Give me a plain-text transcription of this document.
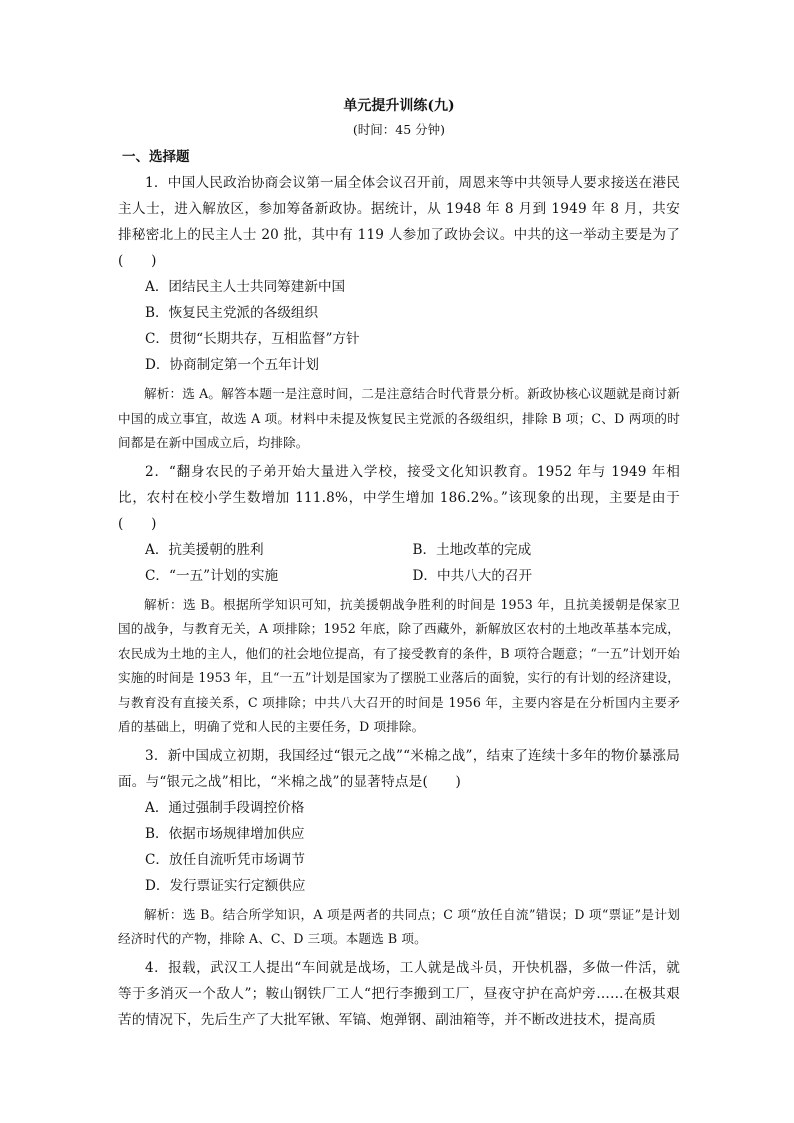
单元提升训练(九)
(时间：45 分钟)
一、选择题
1．中国人民政治协商会议第一届全体会议召开前，周恩来等中共领导人要求接送在港民主人士，进入解放区，参加筹备新政协。据统计，从 1948 年 8 月到 1949 年 8 月，共安排秘密北上的民主人士 20 批，其中有 119 人参加了政协会议。中共的这一举动主要是为了(　　)
A．团结民主人士共同筹建新中国
B．恢复民主党派的各级组织
C．贯彻“长期共存，互相监督”方针
D．协商制定第一个五年计划
解析：选 A。解答本题一是注意时间，二是注意结合时代背景分析。新政协核心议题就是商讨新中国的成立事宜，故选 A 项。材料中未提及恢复民主党派的各级组织，排除 B 项；C、D 两项的时间都是在新中国成立后，均排除。
2．“翻身农民的子弟开始大量进入学校，接受文化知识教育。1952 年与 1949 年相比，农村在校小学生数增加 111.8%，中学生增加 186.2%。”该现象的出现，主要是由于(　　)
A．抗美援朝的胜利	B．土地改革的完成
C．“一五”计划的实施	D．中共八大的召开
解析：选 B。根据所学知识可知，抗美援朝战争胜利的时间是 1953 年，且抗美援朝是保家卫国的战争，与教育无关，A 项排除；1952 年底，除了西藏外，新解放区农村的土地改革基本完成，农民成为土地的主人，他们的社会地位提高，有了接受教育的条件，B 项符合题意；“一五”计划开始实施的时间是 1953 年，且“一五”计划是国家为了摆脱工业落后的面貌，实行的有计划的经济建设，与教育没有直接关系，C 项排除；中共八大召开的时间是 1956 年，主要内容是在分析国内主要矛盾的基础上，明确了党和人民的主要任务，D 项排除。
3．新中国成立初期，我国经过“银元之战”“米棉之战”，结束了连续十多年的物价暴涨局面。与“银元之战”相比，“米棉之战”的显著特点是(　　)
A．通过强制手段调控价格
B．依据市场规律增加供应
C．放任自流听凭市场调节
D．发行票证实行定额供应
解析：选 B。结合所学知识，A 项是两者的共同点；C 项“放任自流”错误；D 项“票证”是计划经济时代的产物，排除 A、C、D 三项。本题选 B 项。
4．报载，武汉工人提出“车间就是战场，工人就是战斗员，开快机器，多做一件活，就等于多消灭一个敌人”；鞍山钢铁厂工人“把行李搬到工厂，昼夜守护在高炉旁……在极其艰苦的情况下，先后生产了大批军锹、军镐、炮弹钢、副油箱等，并不断改进技术，提高质
